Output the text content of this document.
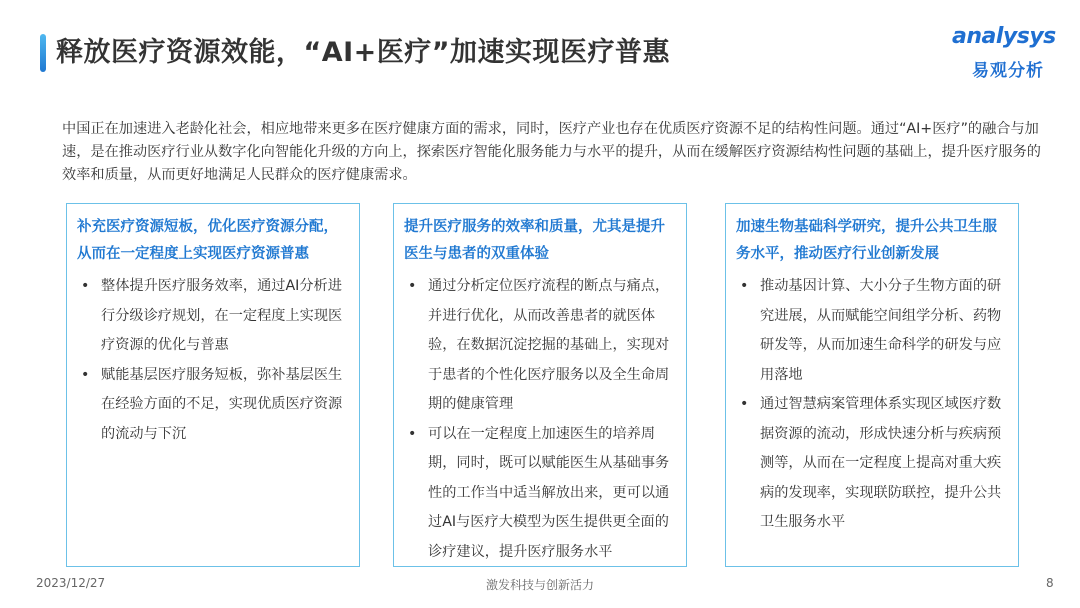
释放医疗资源效能，“AI+医疗”加速实现医疗普惠
analysys
易观分析

中国正在加速进入老龄化社会，相应地带来更多在医疗健康方面的需求，同时，医疗产业也存在优质医疗资源不足的结构性问题。通过“AI+医疗”的融合与加速，是在推动医疗行业从数字化向智能化升级的方向上，探索医疗智能化服务能力与水平的提升，从而在缓解医疗资源结构性问题的基础上，提升医疗服务的效率和质量，从而更好地满足人民群众的医疗健康需求。

补充医疗资源短板，优化医疗资源分配，从而在一定程度上实现医疗资源普惠
• 整体提升医疗服务效率，通过AI分析进行分级诊疗规划，在一定程度上实现医疗资源的优化与普惠
• 赋能基层医疗服务短板，弥补基层医生在经验方面的不足，实现优质医疗资源的流动与下沉
提升医疗服务的效率和质量，尤其是提升医生与患者的双重体验
• 通过分析定位医疗流程的断点与痛点，并进行优化，从而改善患者的就医体验，在数据沉淀挖掘的基础上，实现对于患者的个性化医疗服务以及全生命周期的健康管理
• 可以在一定程度上加速医生的培养周期，同时，既可以赋能医生从基础事务性的工作当中适当解放出来，更可以通过AI与医疗大模型为医生提供更全面的诊疗建议，提升医疗服务水平
加速生物基础科学研究，提升公共卫生服务水平，推动医疗行业创新发展
• 推动基因计算、大小分子生物方面的研究进展，从而赋能空间组学分析、药物研发等，从而加速生命科学的研发与应用落地
• 通过智慧病案管理体系实现区域医疗数据资源的流动，形成快速分析与疾病预测等，从而在一定程度上提高对重大疾病的发现率，实现联防联控，提升公共卫生服务水平
2023/12/27	激发科技与创新活力	8
